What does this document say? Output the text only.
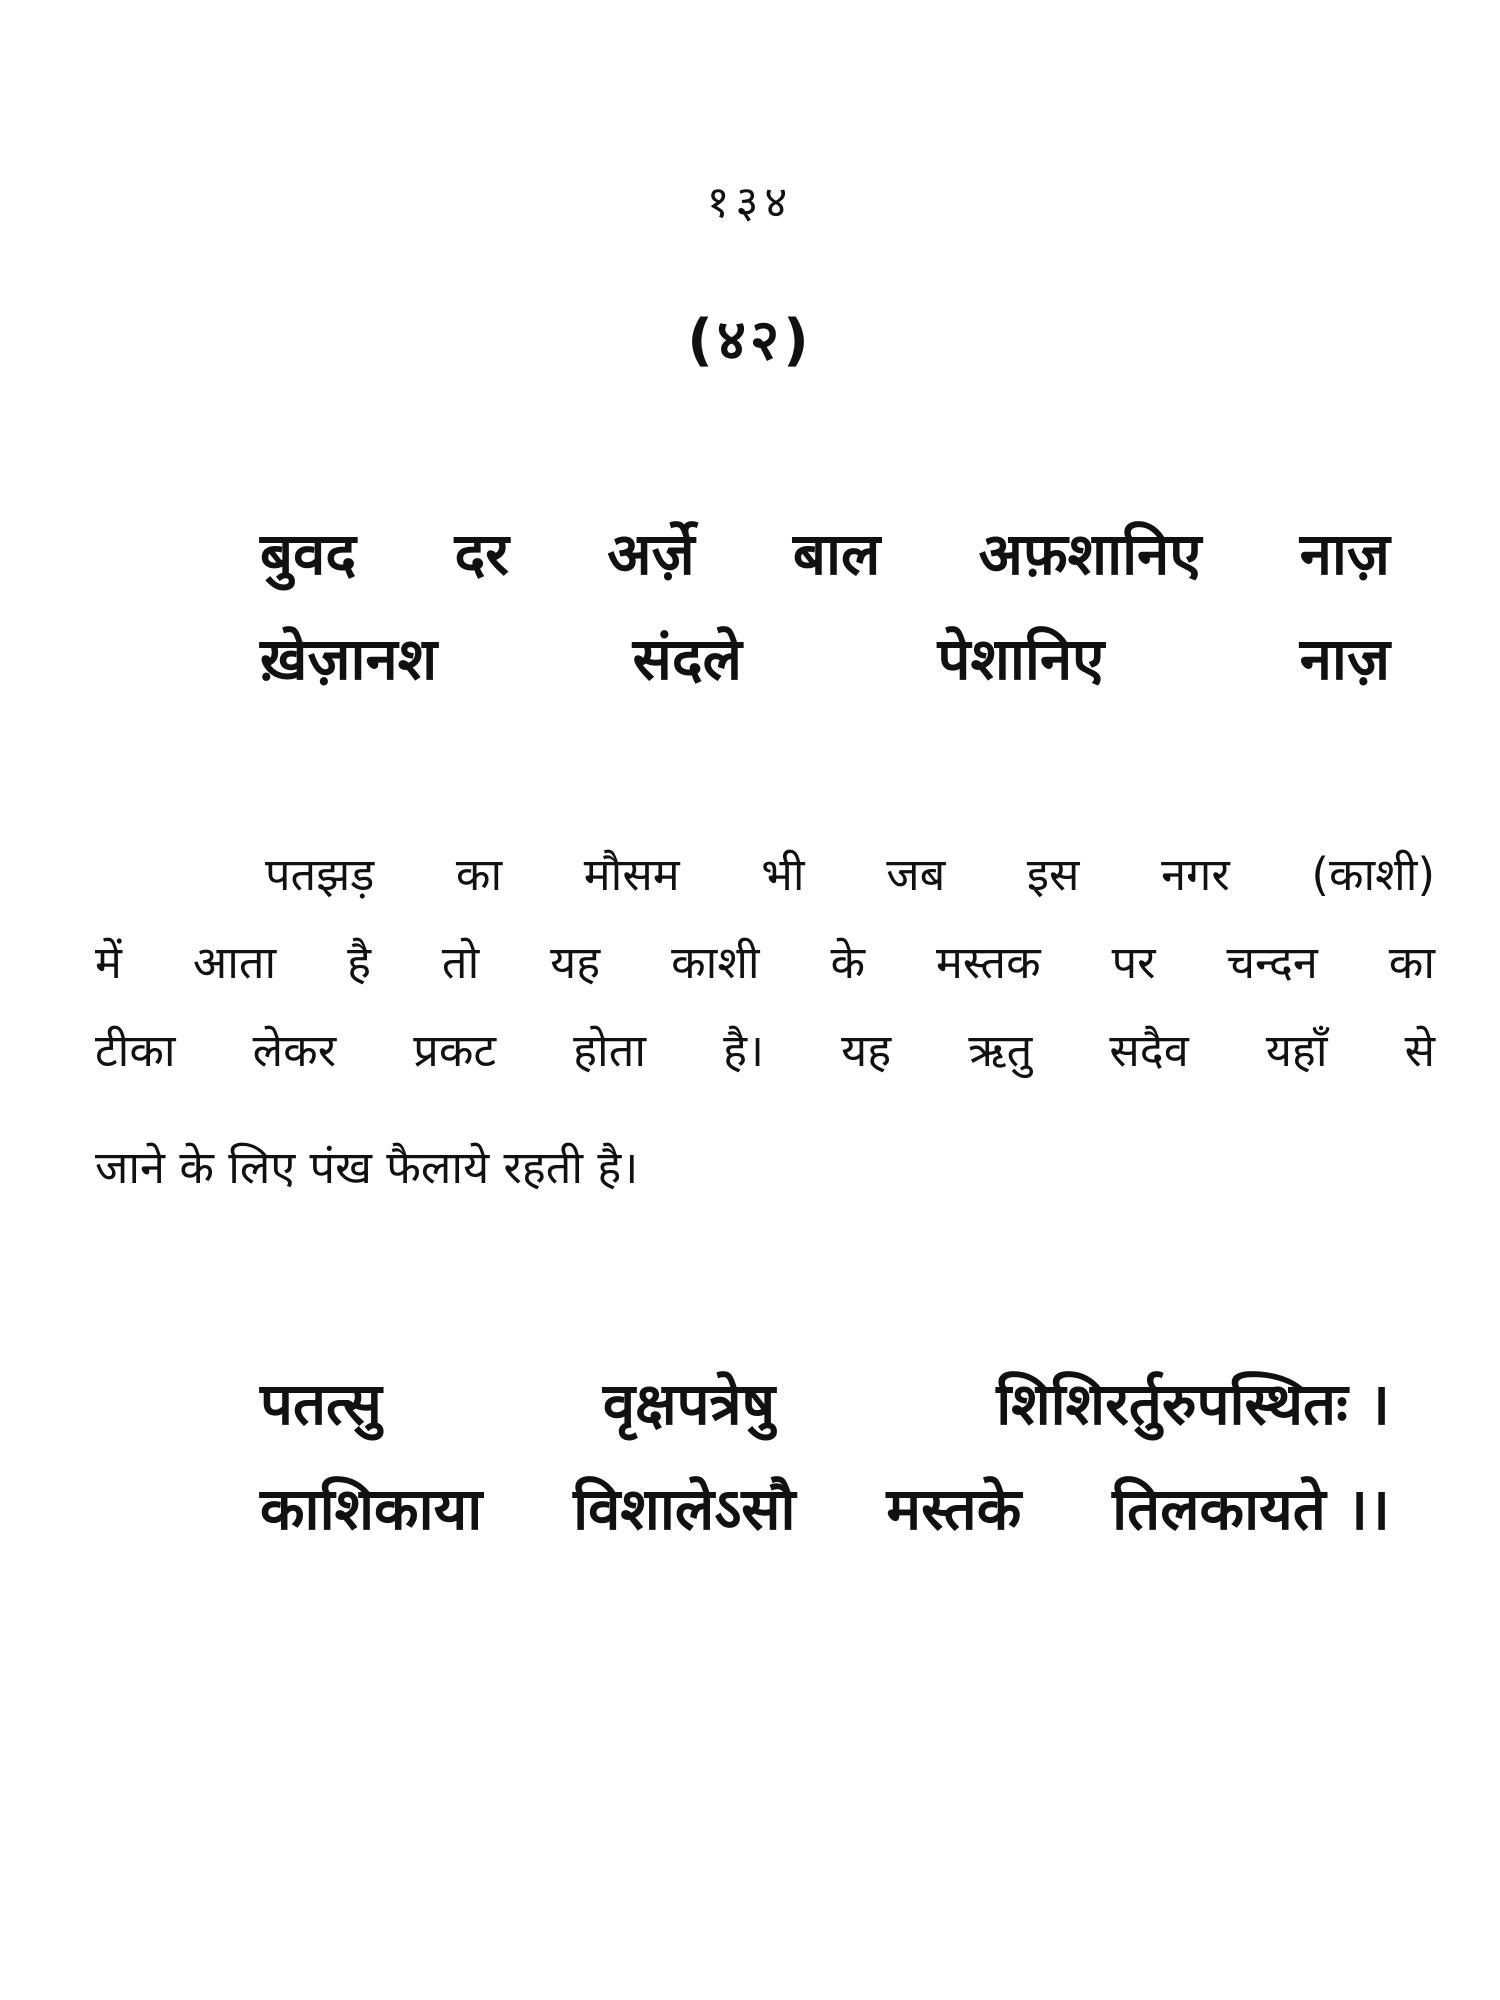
१३४
(४२)
बुवद दर अर्ज़े बाल अफ़शानिए नाज़
ख़ेज़ानश	संदले	पेशानिए	नाज़
पतझड़ का मौसम भी जब इस नगर (काशी)
में आता है तो यह काशी के मस्तक पर चन्दन का
टीका लेकर प्रकट होता है। यह ऋतु सदैव यहाँ से
जाने के लिए पंख फैलाये रहती है।
पतत्सु	वृक्षपत्रेषु	शिशिरर्तुरुपस्थितः ।
काशिकाया विशालेऽसौ मस्तके तिलकायते ।।
